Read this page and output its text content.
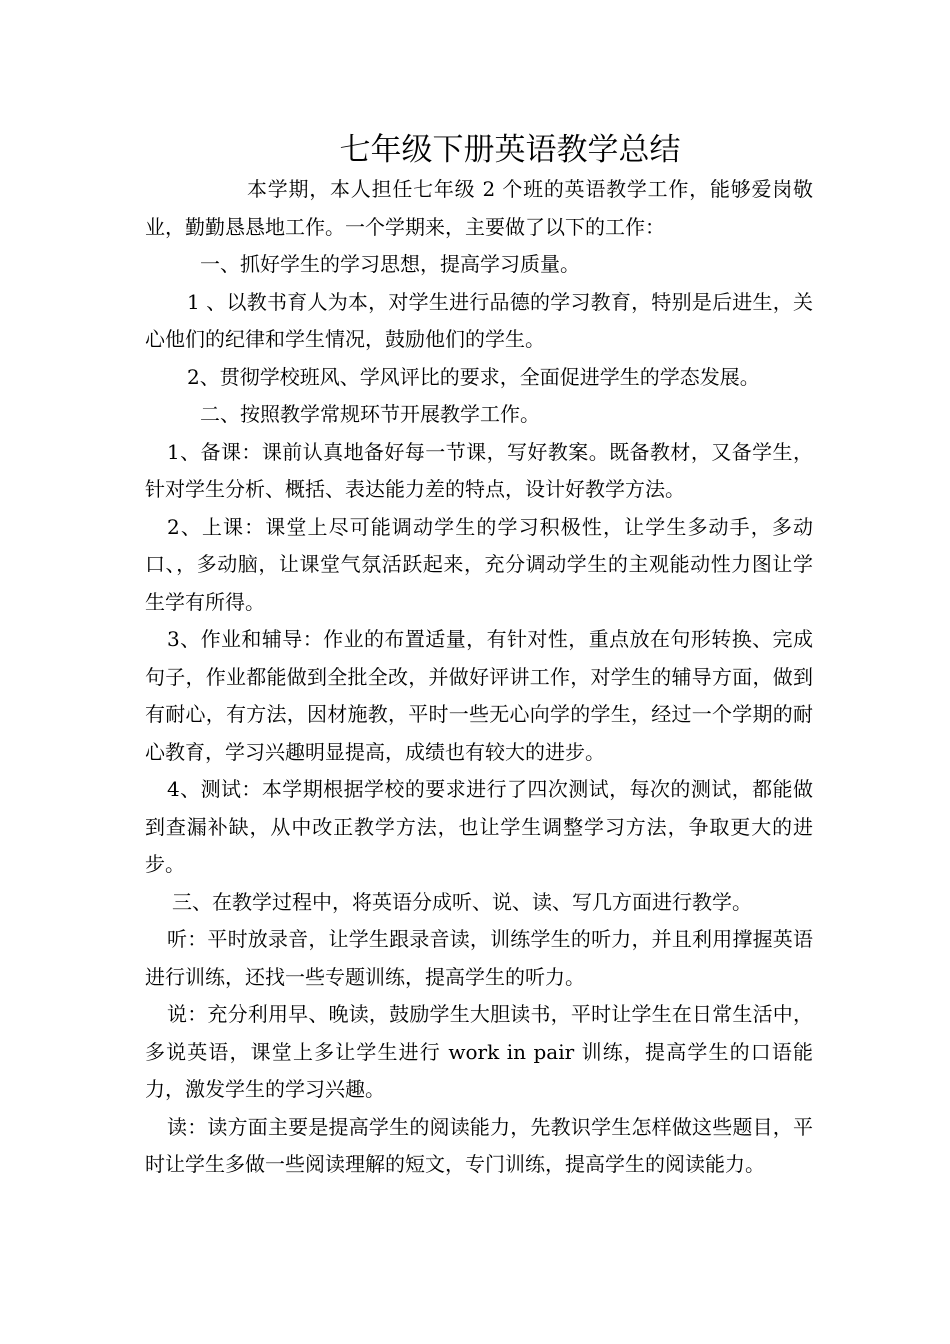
七年级下册英语教学总结

本学期，本人担任七年级 2 个班的英语教学工作，能够爱岗敬业，勤勤恳恳地工作。一个学期来，主要做了以下的工作：

一、抓好学生的学习思想，提高学习质量。

1 、以教书育人为本，对学生进行品德的学习教育，特别是后进生，关心他们的纪律和学生情况，鼓励他们的学生。

2、贯彻学校班风、学风评比的要求，全面促进学生的学态发展。

二、按照教学常规环节开展教学工作。

1、备课：课前认真地备好每一节课，写好教案。既备教材，又备学生，针对学生分析、概括、表达能力差的特点，设计好教学方法。

2、上课：课堂上尽可能调动学生的学习积极性，让学生多动手，多动口、，多动脑，让课堂气氛活跃起来，充分调动学生的主观能动性力图让学生学有所得。

3、作业和辅导：作业的布置适量，有针对性，重点放在句形转换、完成句子，作业都能做到全批全改，并做好评讲工作，对学生的辅导方面，做到有耐心，有方法，因材施教，平时一些无心向学的学生，经过一个学期的耐心教育，学习兴趣明显提高，成绩也有较大的进步。

4、测试：本学期根据学校的要求进行了四次测试，每次的测试，都能做到查漏补缺，从中改正教学方法，也让学生调整学习方法，争取更大的进步。

三、在教学过程中，将英语分成听、说、读、写几方面进行教学。

听：平时放录音，让学生跟录音读，训练学生的听力，并且利用撑握英语进行训练，还找一些专题训练，提高学生的听力。

说：充分利用早、晚读，鼓励学生大胆读书，平时让学生在日常生活中，多说英语，课堂上多让学生进行 work in pair 训练，提高学生的口语能力，激发学生的学习兴趣。

读：读方面主要是提高学生的阅读能力，先教识学生怎样做这些题目，平时让学生多做一些阅读理解的短文，专门训练，提高学生的阅读能力。
